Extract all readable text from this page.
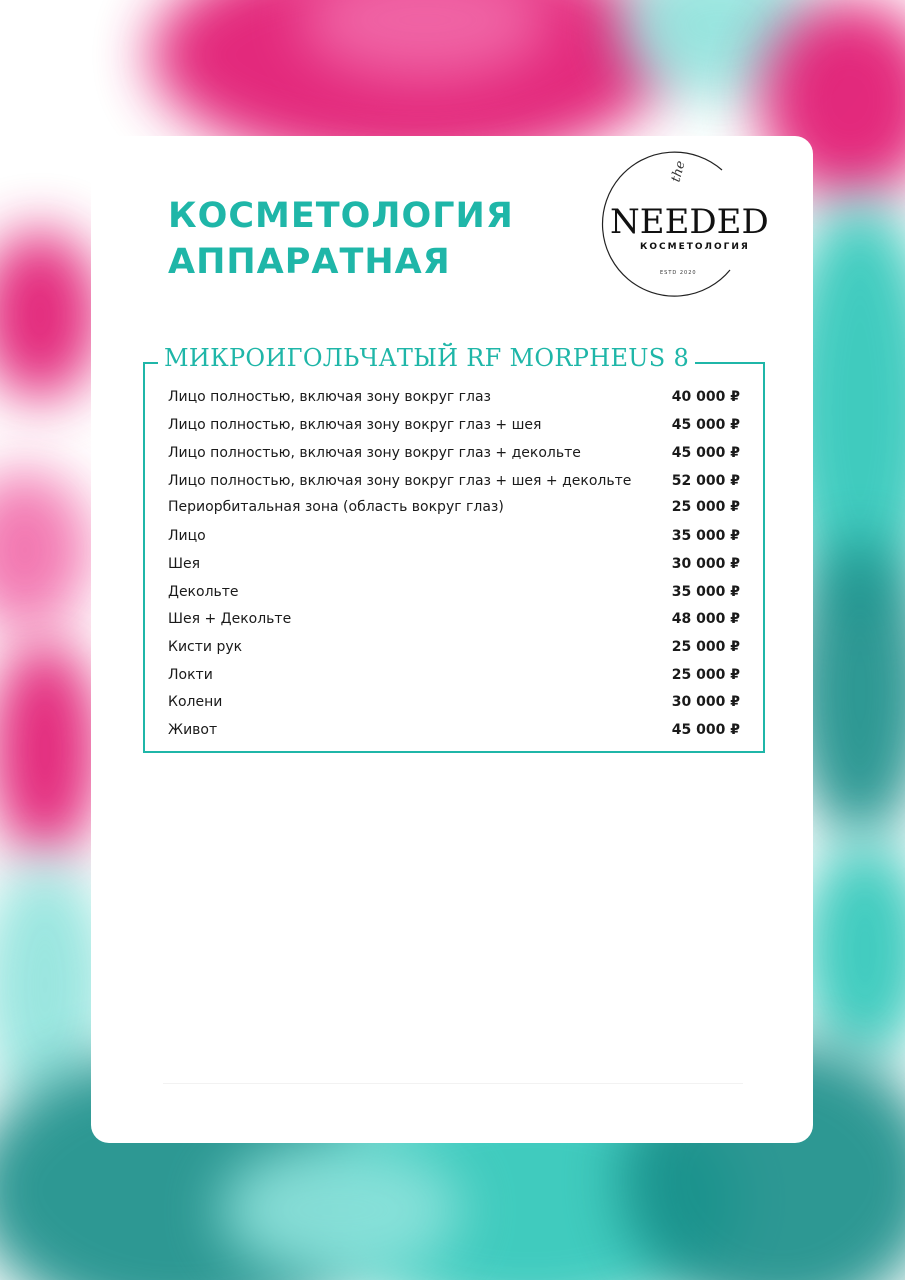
КОСМЕТОЛОГИЯ
АППАРАТНАЯ
the
NEEDED
КОСМЕТОЛОГИЯ
ESTD 2020
МИКРОИГОЛЬЧАТЫЙ RF MORPHEUS 8
Лицо полностью, включая зону вокруг глаз	40 000 ₽
Лицо полностью, включая зону вокруг глаз + шея	45 000 ₽
Лицо полностью, включая зону вокруг глаз + декольте	45 000 ₽
Лицо полностью, включая зону вокруг глаз + шея + декольте	52 000 ₽
Периорбитальная зона (область вокруг глаз)	25 000 ₽
Лицо	35 000 ₽
Шея	30 000 ₽
Декольте	35 000 ₽
Шея + Декольте	48 000 ₽
Кисти рук	25 000 ₽
Локти	25 000 ₽
Колени	30 000 ₽
Живот	45 000 ₽
